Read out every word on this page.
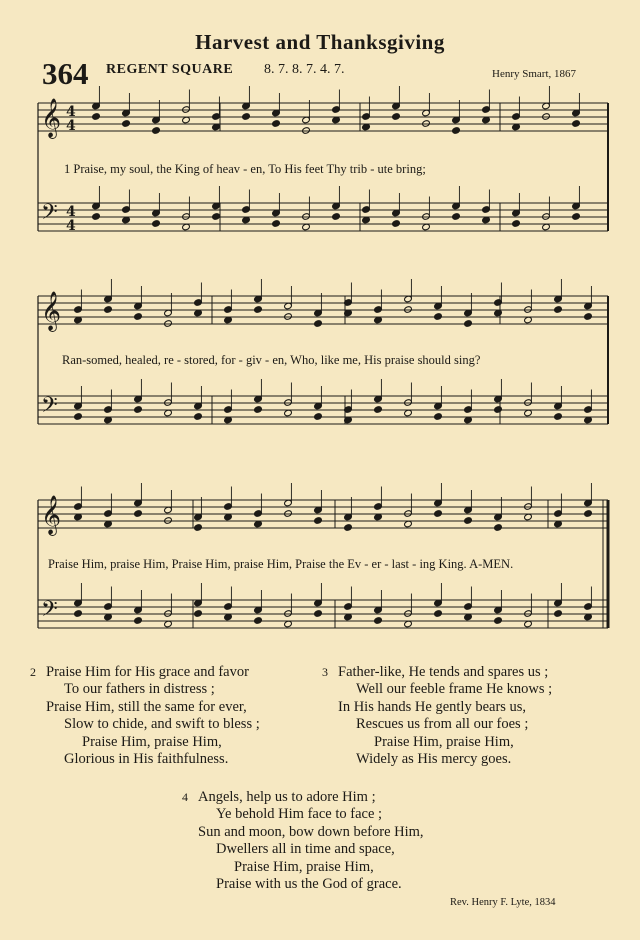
Harvest and Thanksgiving
364 REGENT SQUARE 8. 7. 8. 7. 4. 7.	Henry Smart, 1867
𝄞 4
4
𝄢 4
4
𝄞
𝄢
𝄞
𝄢
1 Praise, my soul, the King of heav - en, To His feet Thy trib - ute bring;
Ran-somed, healed, re - stored, for - giv - en, Who, like me, His praise should sing?
Praise Him, praise Him, Praise Him, praise Him, Praise the Ev - er - last - ing King. A-MEN.
2 Praise Him for His grace and favor
To our fathers in distress ;
Praise Him, still the same for ever,
Slow to chide, and swift to bless ;
Praise Him, praise Him,
Glorious in His faithfulness.
3 Father-like, He tends and spares us ;
Well our feeble frame He knows ;
In His hands He gently bears us,
Rescues us from all our foes ;
Praise Him, praise Him,
Widely as His mercy goes.
4 Angels, help us to adore Him ;
Ye behold Him face to face ;
Sun and moon, bow down before Him,
Dwellers all in time and space,
Praise Him, praise Him,
Praise with us the God of grace.
Rev. Henry F. Lyte, 1834
